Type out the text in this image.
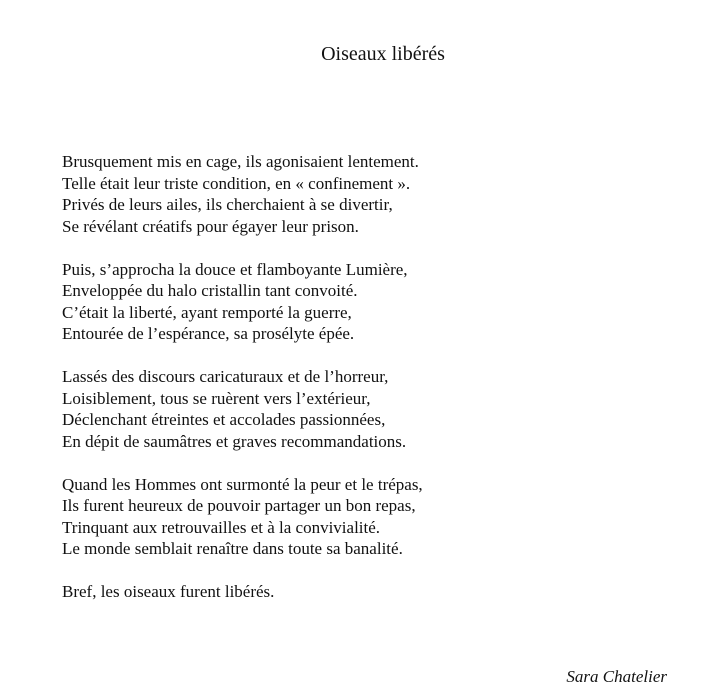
Oiseaux libérés
Brusquement mis en cage, ils agonisaient lentement.
Telle était leur triste condition, en « confinement ».
Privés de leurs ailes, ils cherchaient à se divertir,
Se révélant créatifs pour égayer leur prison.
Puis, s’approcha la douce et flamboyante Lumière,
Enveloppée du halo cristallin tant convoité.
C’était la liberté, ayant remporté la guerre,
Entourée de l’espérance, sa prosélyte épée.
Lassés des discours caricaturaux et de l’horreur,
Loisiblement, tous se ruèrent vers l’extérieur,
Déclenchant étreintes et accolades passionnées,
En dépit de saumâtres et graves recommandations.
Quand les Hommes ont surmonté la peur et le trépas,
Ils furent heureux de pouvoir partager un bon repas,
Trinquant aux retrouvailles et à la convivialité.
Le monde semblait renaître dans toute sa banalité.
Bref, les oiseaux furent libérés.
Sara Chatelier
